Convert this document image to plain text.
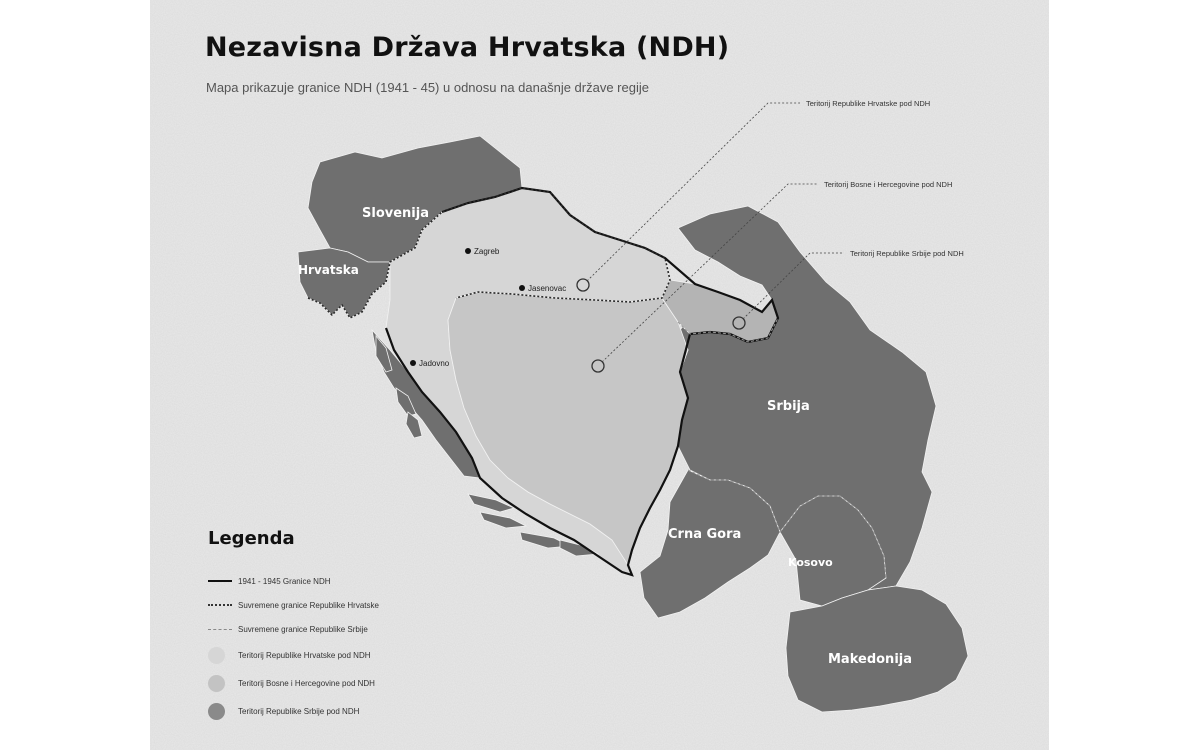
Slovenija
Hrvatska
Srbija
Crna Gora
Kosovo
Makedonija
Zagreb
Jasenovac
Jadovno
Teritorij Republike Hrvatske pod NDH
Teritorij Bosne i Hercegovine pod NDH
Teritorij Republike Srbije pod NDH
Nezavisna Država Hrvatska (NDH)

Mapa prikazuje granice NDH (1941 - 45) u odnosu na današnje države regije

Legenda
1941 - 1945 Granice NDH
Suvremene granice Republike Hrvatske
Suvremene granice Republike Srbije
Teritorij Republike Hrvatske pod NDH
Teritorij Bosne i Hercegovine pod NDH
Teritorij Republike Srbije pod NDH
